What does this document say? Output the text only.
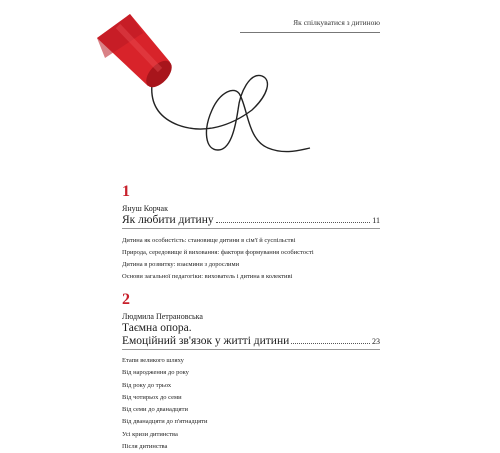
Як спілкуватися з дитиною
1
Януш Корчак
Як любити дитину	11
Дитина як особистість: становище дитини в сім'ї й суспільстві
Природа, середовище й виховання: фактори формування особистості
Дитина в розвитку: взаємини з дорослими
Основи загальної педагогіки: вихователь і дитина в колективі
2
Людмила Петрановська
Таємна опора.
Емоційний зв'язок у житті дитини	23
Етапи великого шляху
Від народження до року
Від року до трьох
Від чотирьох до семи
Від семи до дванадцяти
Від дванадцяти до п'ятнадцяти
Усі кризи дитинства
Після дитинства
